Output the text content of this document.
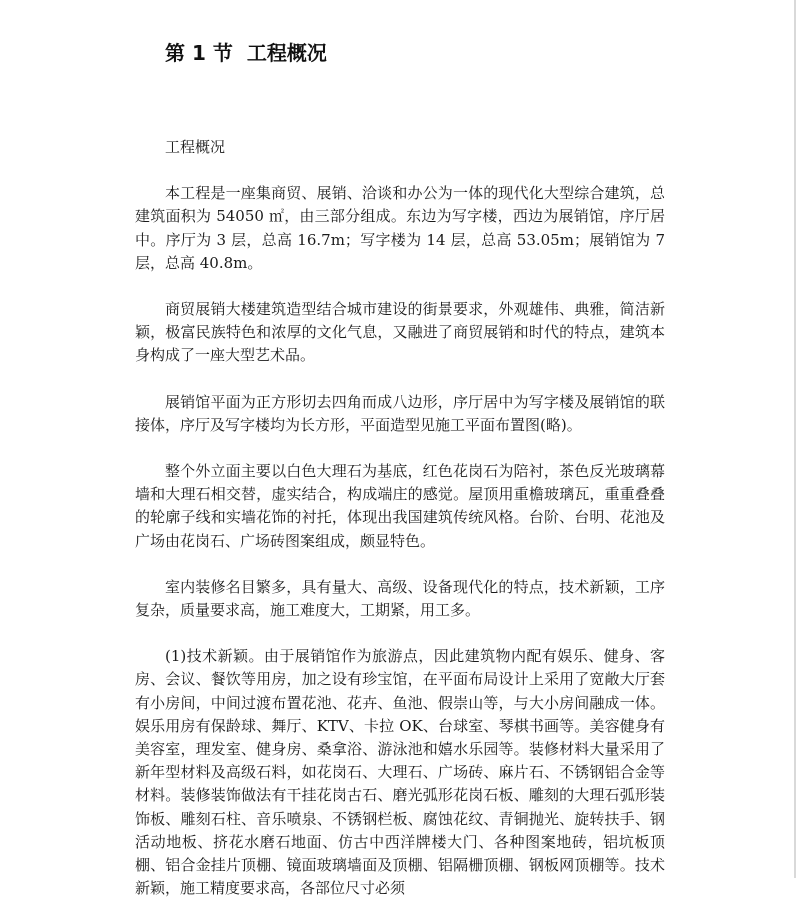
第 1 节 工程概况

工程概况

本工程是一座集商贸、展销、洽谈和办公为一体的现代化大型综合建筑，总建筑面积为 54050 ㎡，由三部分组成。东边为写字楼，西边为展销馆，序厅居中。序厅为 3 层，总高 16.7m；写字楼为 14 层，总高 53.05m；展销馆为 7 层，总高 40.8m。

商贸展销大楼建筑造型结合城市建设的街景要求，外观雄伟、典雅，简洁新颖，极富民族特色和浓厚的文化气息，又融进了商贸展销和时代的特点，建筑本身构成了一座大型艺术品。

展销馆平面为正方形切去四角而成八边形，序厅居中为写字楼及展销馆的联接体，序厅及写字楼均为长方形，平面造型见施工平面布置图(略)。

整个外立面主要以白色大理石为基底，红色花岗石为陪衬，茶色反光玻璃幕墙和大理石相交替，虚实结合，构成端庄的感觉。屋顶用重檐玻璃瓦，重重叠叠的轮廓子线和实墙花饰的衬托，体现出我国建筑传统风格。台阶、台明、花池及广场由花岗石、广场砖图案组成，颇显特色。

室内装修名目繁多，具有量大、高级、设备现代化的特点，技术新颖，工序复杂，质量要求高，施工难度大，工期紧，用工多。

(1)技术新颖。由于展销馆作为旅游点，因此建筑物内配有娱乐、健身、客房、会议、餐饮等用房，加之设有珍宝馆，在平面布局设计上采用了宽敞大厅套有小房间，中间过渡布置花池、花卉、鱼池、假崇山等，与大小房间融成一体。娱乐用房有保龄球、舞厅、KTV、卡拉 OK、台球室、琴棋书画等。美容健身有美容室，理发室、健身房、桑拿浴、游泳池和嬉水乐园等。装修材料大量采用了新年型材料及高级石料，如花岗石、大理石、广场砖、麻片石、不锈钢铝合金等材料。装修装饰做法有干挂花岗古石、磨光弧形花岗石板、雕刻的大理石弧形装饰板、雕刻石柱、音乐喷泉、不锈钢栏板、腐蚀花纹、青铜抛光、旋转扶手、钢活动地板、挤花水磨石地面、仿古中西洋牌楼大门、各种图案地砖，铝坑板顶棚、铝合金挂片顶棚、镜面玻璃墙面及顶棚、铝隔栅顶棚、钢板网顶棚等。技术新颖，施工精度要求高，各部位尺寸必须
